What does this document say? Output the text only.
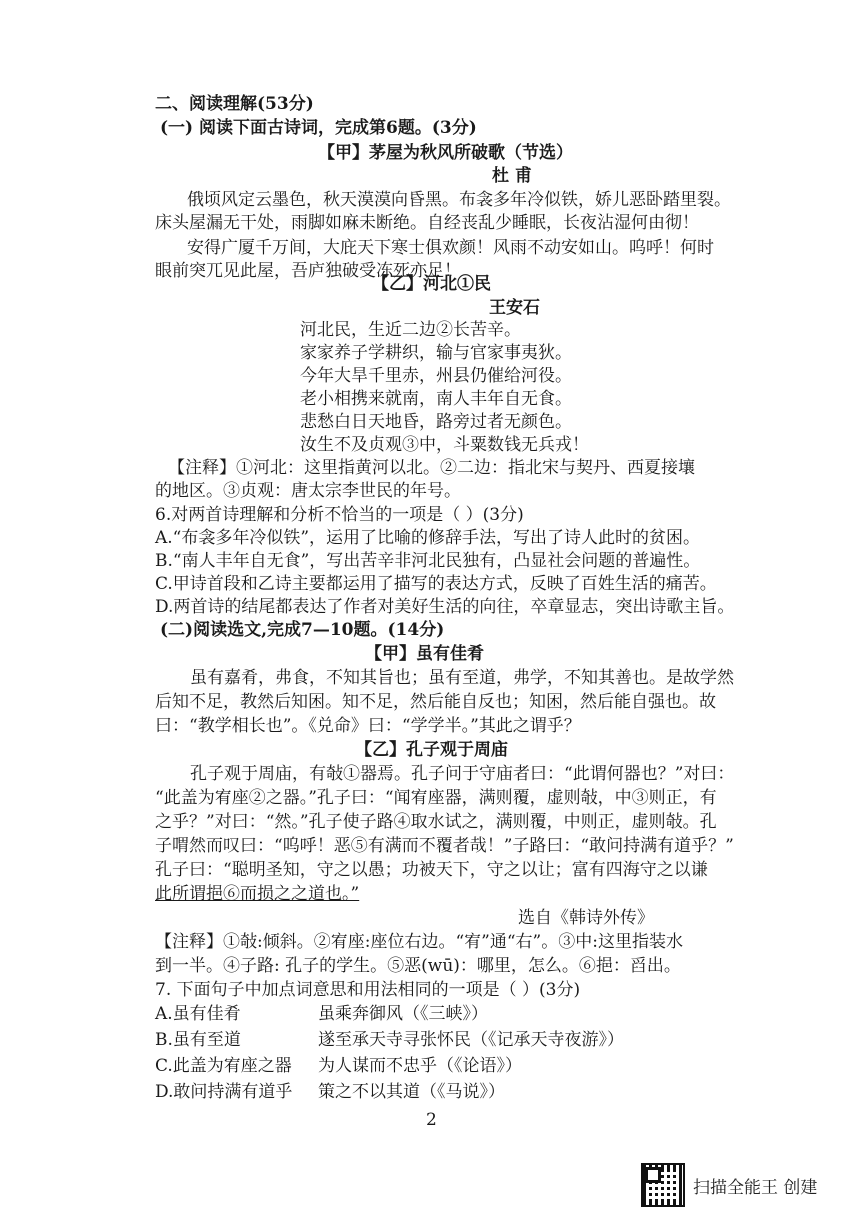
二、阅读理解(53分)
(一) 阅读下面古诗词，完成第6题。(3分)
【甲】茅屋为秋风所破歌（节选）
杜 甫
俄顷风定云墨色，秋天漠漠向昏黑。布衾多年冷似铁，娇儿恶卧踏里裂。
床头屋漏无干处，雨脚如麻未断绝。自经丧乱少睡眠，长夜沾湿何由彻！
安得广厦千万间，大庇天下寒士俱欢颜！风雨不动安如山。呜呼！何时
眼前突兀见此屋，吾庐独破受冻死亦足！
【乙】河北①民
王安石
河北民，生近二边②长苦辛。
家家养子学耕织，输与官家事夷狄。
今年大旱千里赤，州县仍催给河役。
老小相携来就南，南人丰年自无食。
悲愁白日天地昏，路旁过者无颜色。
汝生不及贞观③中，斗粟数钱无兵戎！
【注释】①河北：这里指黄河以北。②二边：指北宋与契丹、西夏接壤
的地区。③贞观：唐太宗李世民的年号。
6.对两首诗理解和分析不恰当的一项是（ ）(3分)
A.“布衾多年冷似铁”，运用了比喻的修辞手法，写出了诗人此时的贫困。
B.“南人丰年自无食”，写出苦辛非河北民独有，凸显社会问题的普遍性。
C.甲诗首段和乙诗主要都运用了描写的表达方式，反映了百姓生活的痛苦。
D.两首诗的结尾都表达了作者对美好生活的向往，卒章显志，突出诗歌主旨。
(二)阅读选文,完成7—10题。(14分)
【甲】虽有佳肴
虽有嘉肴，弗食，不知其旨也；虽有至道，弗学，不知其善也。是故学然
后知不足，教然后知困。知不足，然后能自反也；知困，然后能自强也。故
曰：“教学相长也”。《兑命》曰：“学学半。”其此之谓乎？
【乙】孔子观于周庙
孔子观于周庙，有敧①器焉。孔子问于守庙者曰：“此谓何器也？”对曰：
“此盖为宥座②之器。”孔子曰：“闻宥座器，满则覆，虚则敧，中③则正，有
之乎？”对曰：“然。”孔子使子路④取水试之，满则覆，中则正，虚则敧。孔
子喟然而叹曰：“呜呼！恶⑤有满而不覆者哉！”子路曰：“敢问持满有道乎？”
孔子曰：“聪明圣知，守之以愚；功被天下，守之以让；富有四海守之以谦
此所谓挹⑥而损之之道也。”
选自《韩诗外传》
【注释】①敧:倾斜。②宥座:座位右边。“宥”通“右”。③中:这里指装水
到一半。④子路: 孔子的学生。⑤恶(wū)：哪里，怎么。⑥挹：舀出。
7. 下面句子中加点词意思和用法相同的一项是（ ）(3分)
A.虽有佳肴	虽乘奔御风（《三峡》）
B.虽有至道	遂至承天寺寻张怀民（《记承天寺夜游》）
C.此盖为宥座之器 为人谋而不忠乎（《论语》）
D.敢问持满有道乎 策之不以其道（《马说》）
2
扫描全能王 创建
